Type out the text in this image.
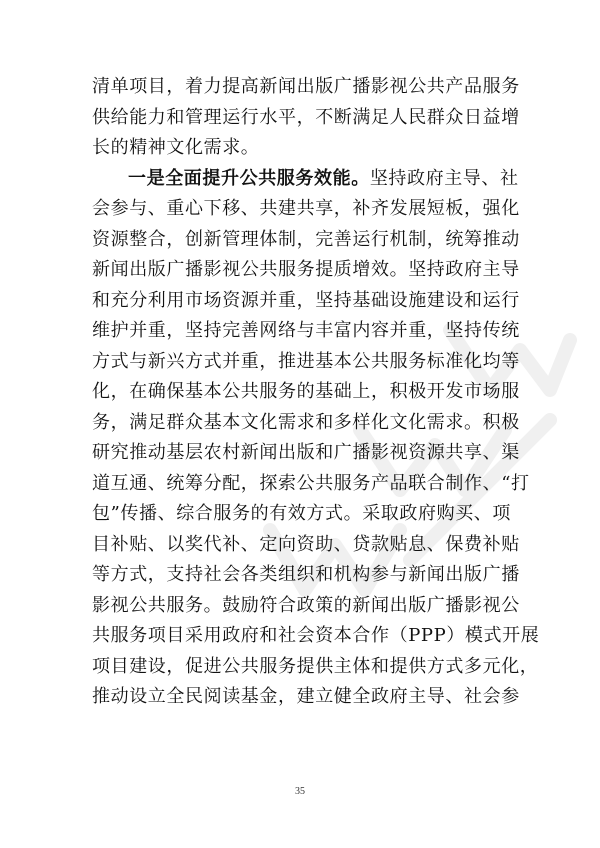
清单项目，着力提高新闻出版广播影视公共产品服务
供给能力和管理运行水平，不断满足人民群众日益增
长的精神文化需求。
一是全面提升公共服务效能。坚持政府主导、社
会参与、重心下移、共建共享，补齐发展短板，强化
资源整合，创新管理体制，完善运行机制，统筹推动
新闻出版广播影视公共服务提质增效。坚持政府主导
和充分利用市场资源并重，坚持基础设施建设和运行
维护并重，坚持完善网络与丰富内容并重，坚持传统
方式与新兴方式并重，推进基本公共服务标准化均等
化，在确保基本公共服务的基础上，积极开发市场服
务，满足群众基本文化需求和多样化文化需求。积极
研究推动基层农村新闻出版和广播影视资源共享、渠
道互通、统筹分配，探索公共服务产品联合制作、“打
包”传播、综合服务的有效方式。采取政府购买、项
目补贴、以奖代补、定向资助、贷款贴息、保费补贴
等方式，支持社会各类组织和机构参与新闻出版广播
影视公共服务。鼓励符合政策的新闻出版广播影视公
共服务项目采用政府和社会资本合作（PPP）模式开展
项目建设，促进公共服务提供主体和提供方式多元化，
推动设立全民阅读基金，建立健全政府主导、社会参
35
